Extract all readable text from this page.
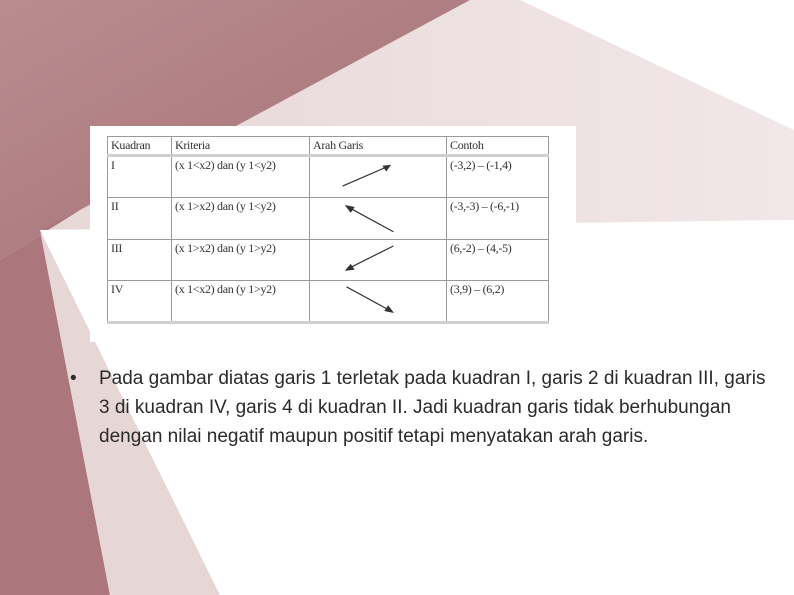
Kuadran	Kriteria	Arah Garis	Contoh
I	(x 1<x2) dan (y 1<y2)		(-3,2) – (-1,4)
II	(x 1>x2) dan (y 1<y2)		(-3,-3) – (-6,-1)
III	(x 1>x2) dan (y 1>y2)		(6,-2) – (4,-5)
IV	(x 1<x2) dan (y 1>y2)		(3,9) – (6,2)
•	Pada gambar diatas garis 1 terletak pada kuadran I, garis 2 di kuadran III, garis 3 di kuadran IV, garis 4 di kuadran II. Jadi kuadran garis tidak berhubungan dengan nilai negatif maupun positif tetapi menyatakan arah garis.
